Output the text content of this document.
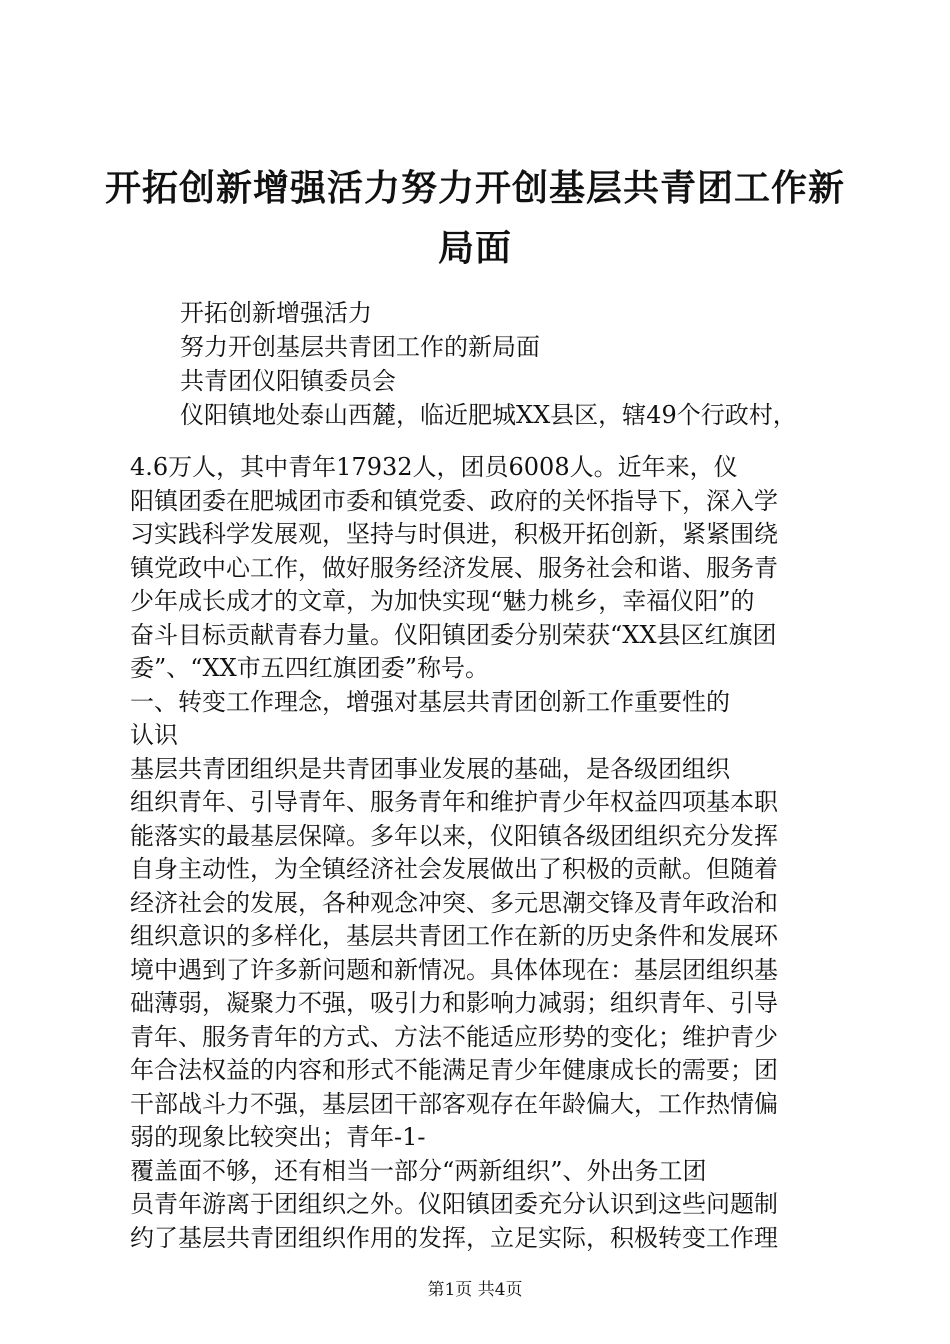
开拓创新增强活力努力开创基层共青团工作新
局面
开拓创新增强活力
努力开创基层共青团工作的新局面
共青团仪阳镇委员会
仪阳镇地处泰山西麓，临近肥城XX县区，辖49个行政村，
4.6万人，其中青年17932人，团员6008人。近年来，仪
阳镇团委在肥城团市委和镇党委、政府的关怀指导下，深入学
习实践科学发展观，坚持与时俱进，积极开拓创新，紧紧围绕
镇党政中心工作，做好服务经济发展、服务社会和谐、服务青
少年成长成才的文章，为加快实现“魅力桃乡，幸福仪阳”的
奋斗目标贡献青春力量。仪阳镇团委分别荣获“XX县区红旗团
委”、“XX市五四红旗团委”称号。
一、转变工作理念，增强对基层共青团创新工作重要性的
认识
基层共青团组织是共青团事业发展的基础，是各级团组织
组织青年、引导青年、服务青年和维护青少年权益四项基本职
能落实的最基层保障。多年以来，仪阳镇各级团组织充分发挥
自身主动性，为全镇经济社会发展做出了积极的贡献。但随着
经济社会的发展，各种观念冲突、多元思潮交锋及青年政治和
组织意识的多样化，基层共青团工作在新的历史条件和发展环
境中遇到了许多新问题和新情况。具体体现在：基层团组织基
础薄弱，凝聚力不强，吸引力和影响力减弱；组织青年、引导
青年、服务青年的方式、方法不能适应形势的变化；维护青少
年合法权益的内容和形式不能满足青少年健康成长的需要；团
干部战斗力不强，基层团干部客观存在年龄偏大，工作热情偏
弱的现象比较突出；青年-1-
覆盖面不够，还有相当一部分“两新组织”、外出务工团
员青年游离于团组织之外。仪阳镇团委充分认识到这些问题制
约了基层共青团组织作用的发挥，立足实际，积极转变工作理
第1页 共4页
